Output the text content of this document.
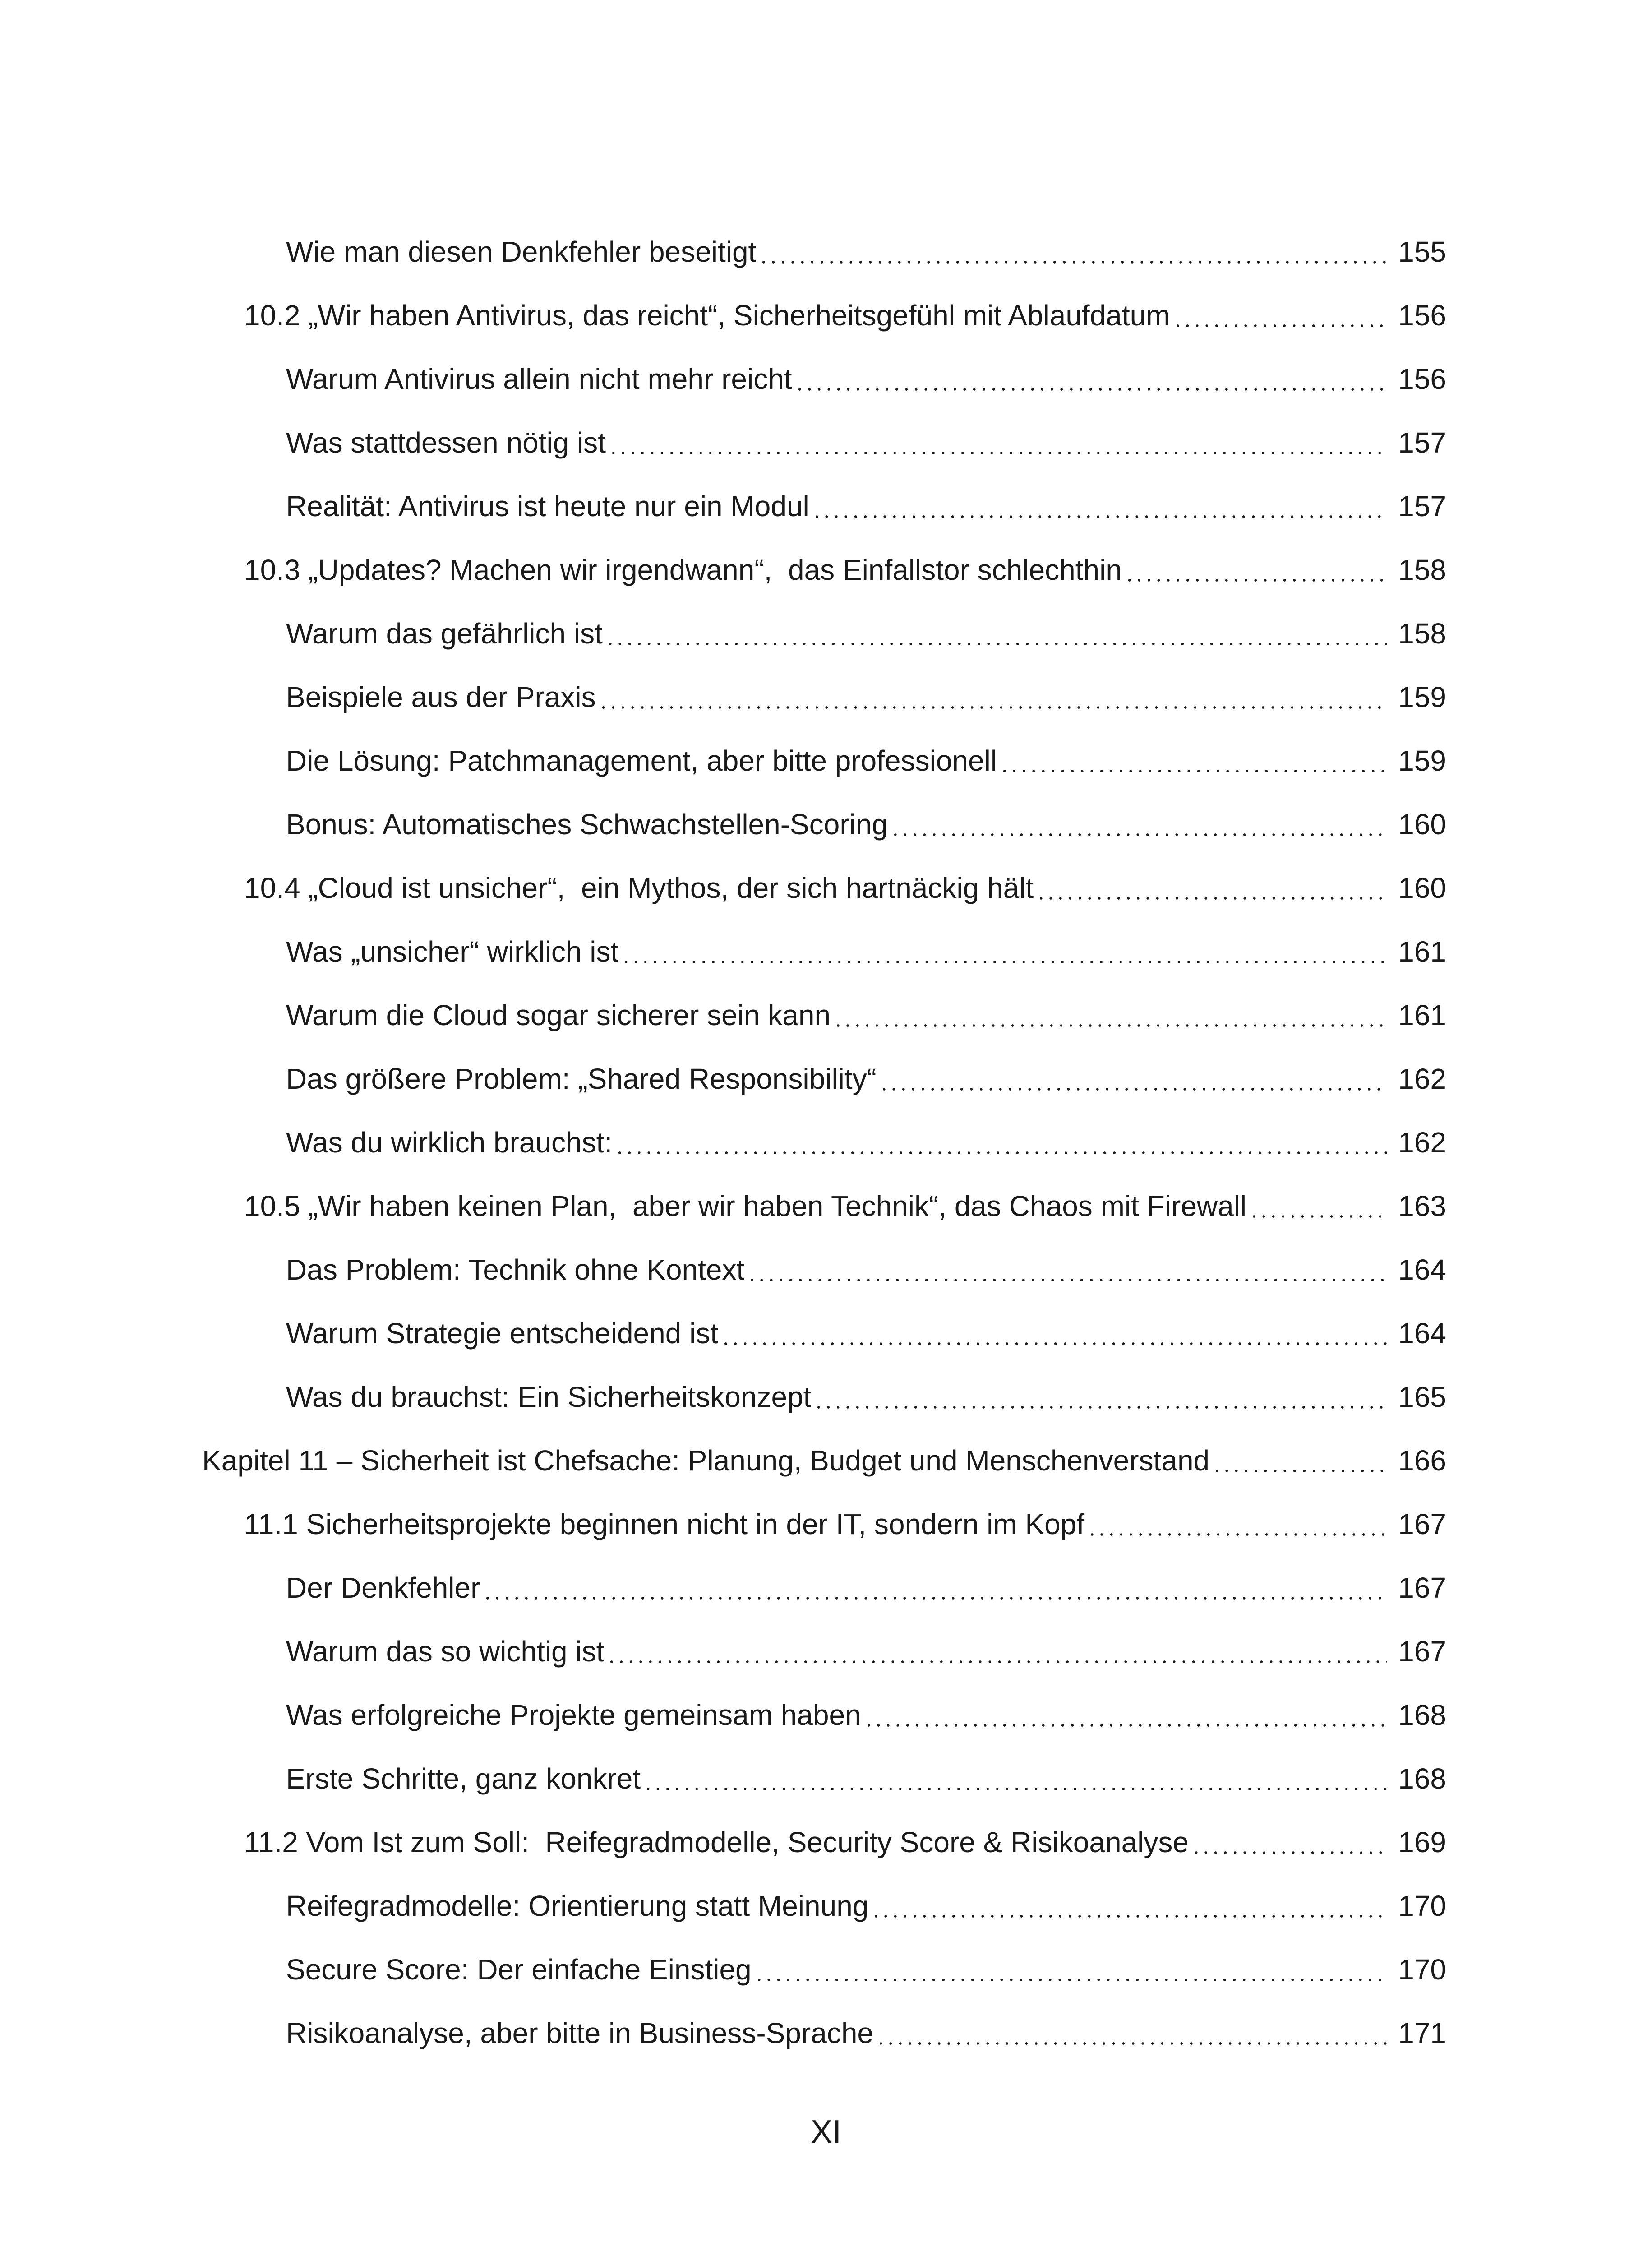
Wie man diesen Denkfehler beseitigt	155
10.2 „Wir haben Antivirus, das reicht“, Sicherheitsgefühl mit Ablaufdatum	156
Warum Antivirus allein nicht mehr reicht	156
Was stattdessen nötig ist	157
Realität: Antivirus ist heute nur ein Modul	157
10.3 „Updates? Machen wir irgendwann“,  das Einfallstor schlechthin	158
Warum das gefährlich ist	158
Beispiele aus der Praxis	159
Die Lösung: Patchmanagement, aber bitte professionell	159
Bonus: Automatisches Schwachstellen-Scoring	160
10.4 „Cloud ist unsicher“,  ein Mythos, der sich hartnäckig hält	160
Was „unsicher“ wirklich ist	161
Warum die Cloud sogar sicherer sein kann	161
Das größere Problem: „Shared Responsibility“	162
Was du wirklich brauchst:	162
10.5 „Wir haben keinen Plan,  aber wir haben Technik“, das Chaos mit Firewall	163
Das Problem: Technik ohne Kontext	164
Warum Strategie entscheidend ist	164
Was du brauchst: Ein Sicherheitskonzept	165
Kapitel 11 – Sicherheit ist Chefsache: Planung, Budget und Menschenverstand	166
11.1 Sicherheitsprojekte beginnen nicht in der IT, sondern im Kopf	167
Der Denkfehler	167
Warum das so wichtig ist	167
Was erfolgreiche Projekte gemeinsam haben	168
Erste Schritte, ganz konkret	168
11.2 Vom Ist zum Soll:  Reifegradmodelle, Security Score & Risikoanalyse	169
Reifegradmodelle: Orientierung statt Meinung	170
Secure Score: Der einfache Einstieg	170
Risikoanalyse, aber bitte in Business-Sprache	171
XI
